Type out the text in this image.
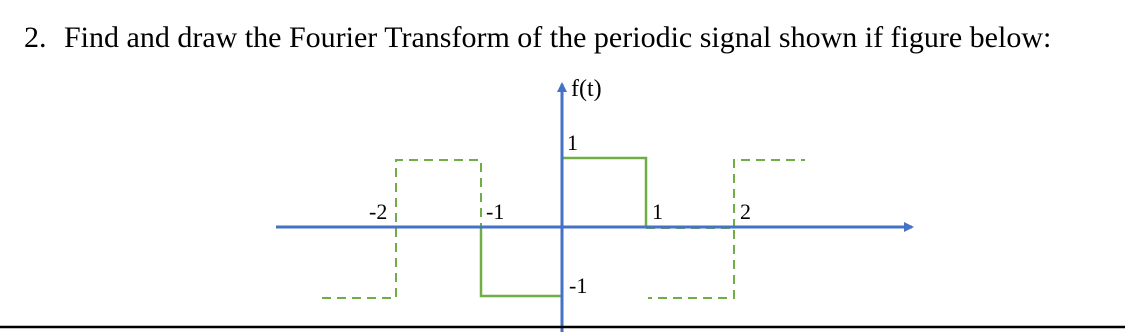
2. Find and draw the Fourier Transform of the periodic signal shown if figure below:
f(t)
1
-1
-2	-1	1	2
